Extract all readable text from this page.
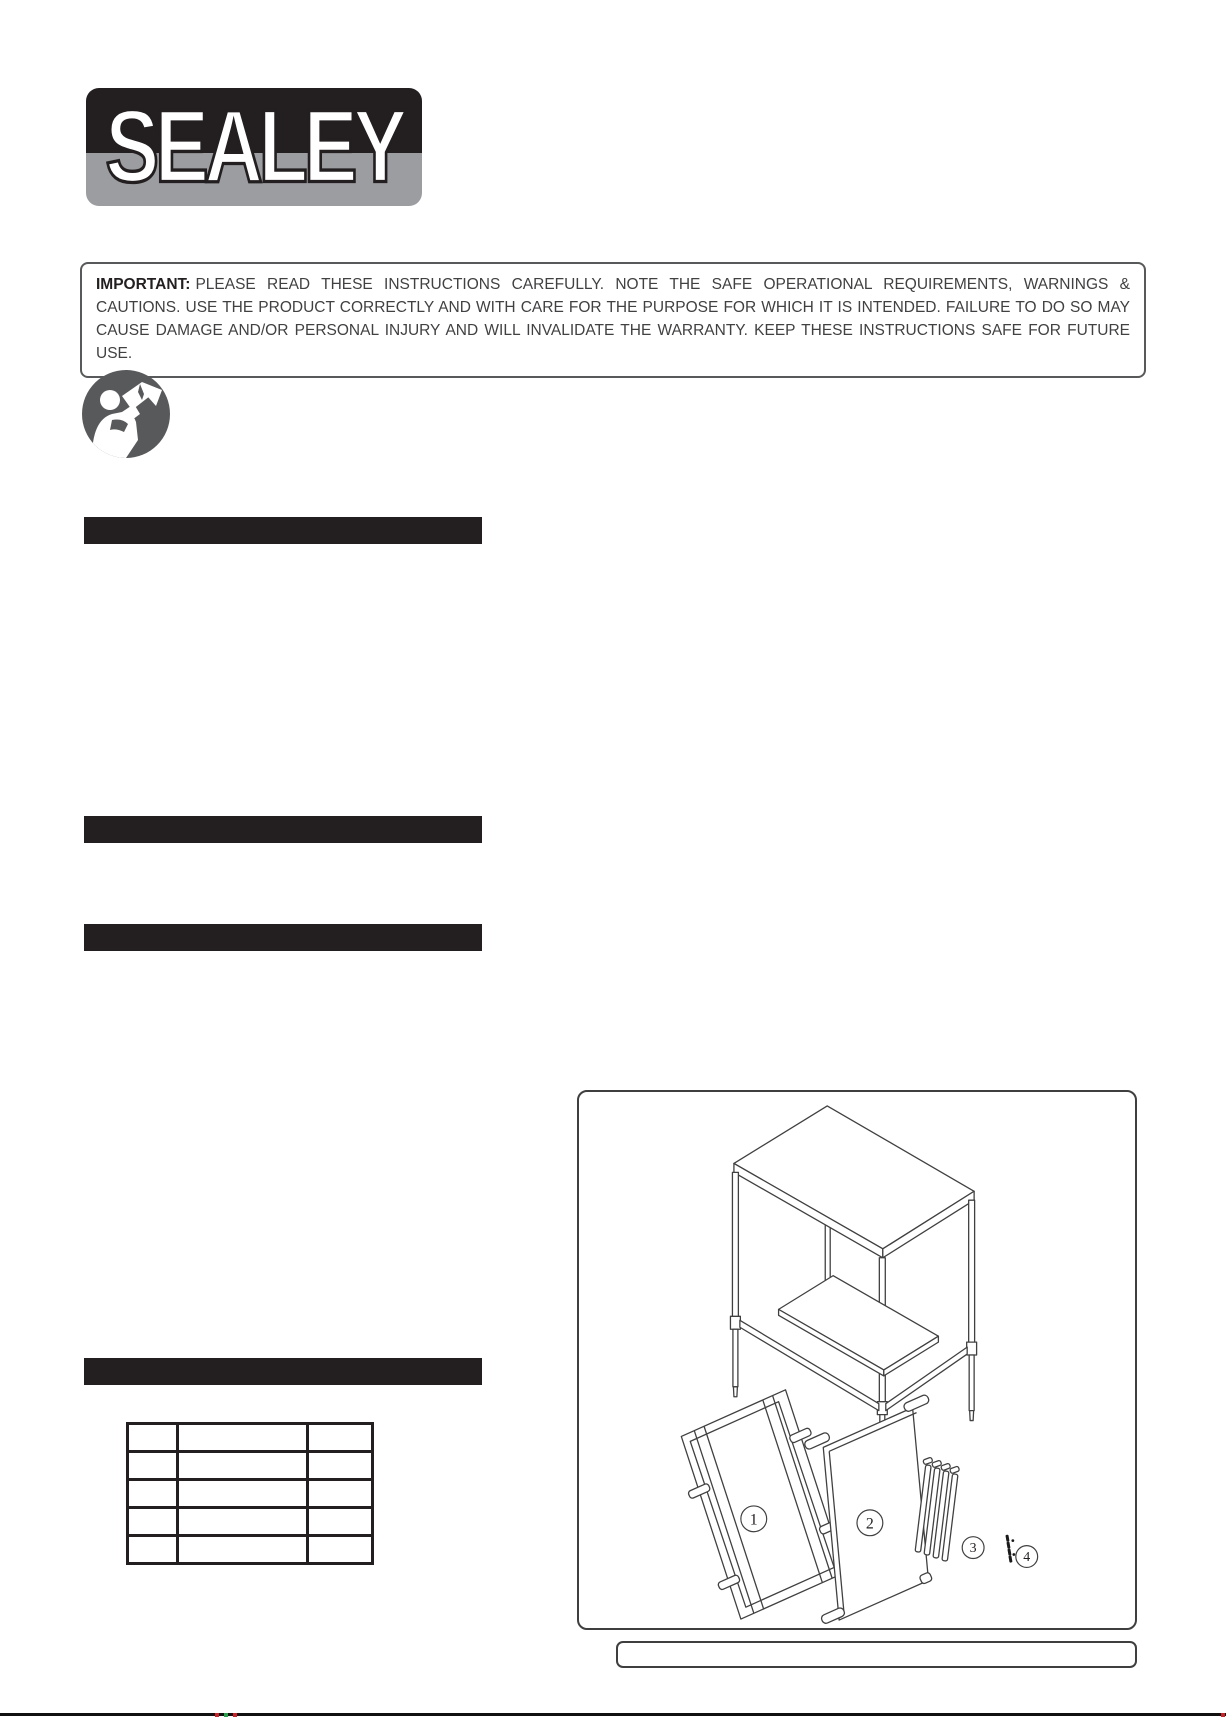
SEALEY
IMPORTANT: PLEASE READ THESE INSTRUCTIONS CAREFULLY. NOTE THE SAFE OPERATIONAL REQUIREMENTS, WARNINGS & CAUTIONS. USE THE PRODUCT CORRECTLY AND WITH CARE FOR THE PURPOSE FOR WHICH IT IS INTENDED. FAILURE TO DO SO MAY CAUSE DAMAGE AND/OR PERSONAL INJURY AND WILL INVALIDATE THE WARRANTY. KEEP THESE INSTRUCTIONS SAFE FOR FUTURE USE.

1	2
3
4
